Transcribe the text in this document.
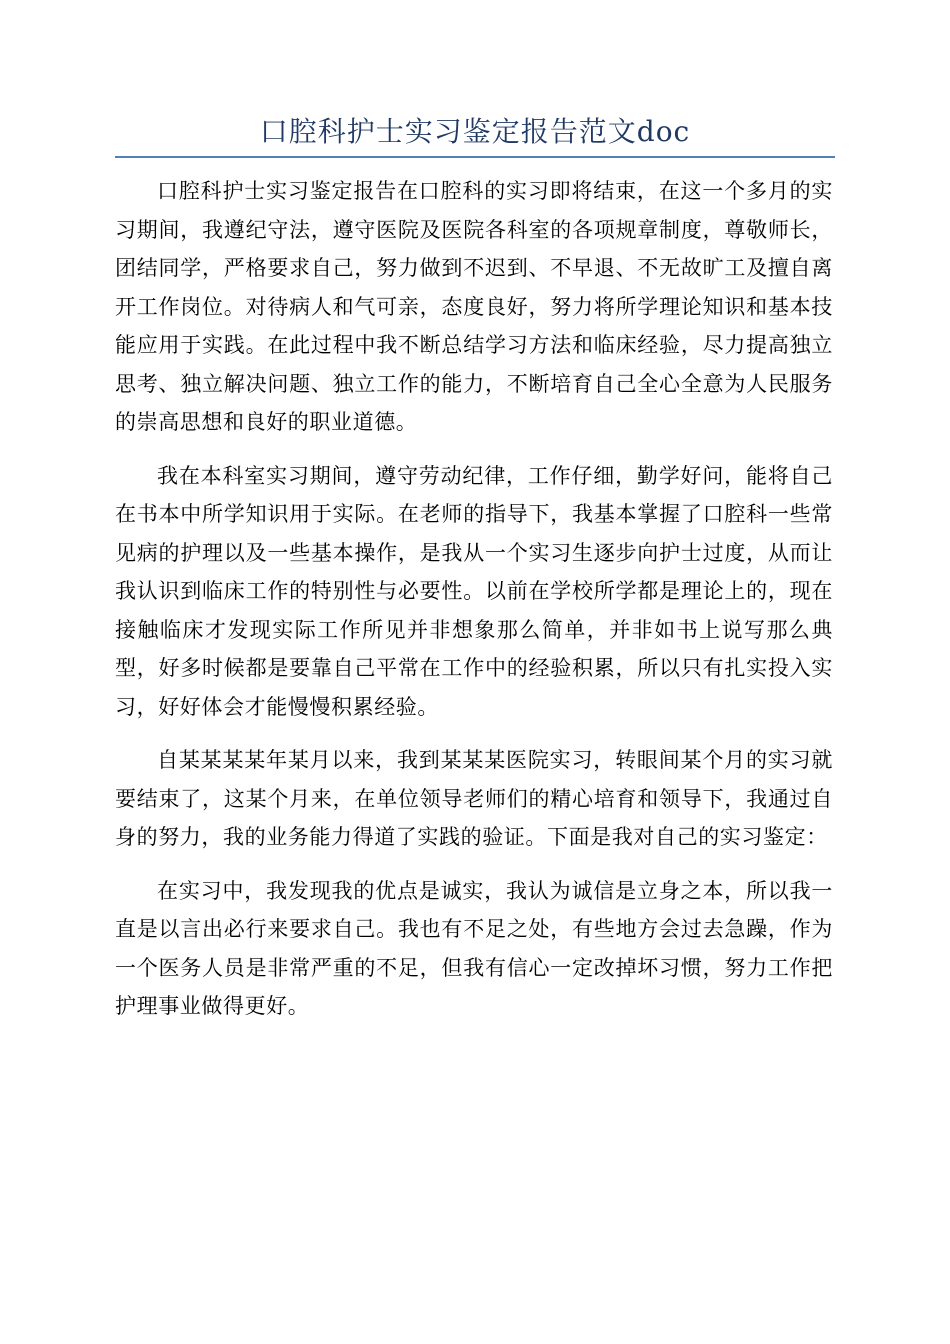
口腔科护士实习鉴定报告范文doc

口腔科护士实习鉴定报告在口腔科的实习即将结束，在这一个多月的实习期间，我遵纪守法，遵守医院及医院各科室的各项规章制度，尊敬师长，团结同学，严格要求自己，努力做到不迟到、不早退、不无故旷工及擅自离开工作岗位。对待病人和气可亲，态度良好，努力将所学理论知识和基本技能应用于实践。在此过程中我不断总结学习方法和临床经验，尽力提高独立思考、独立解决问题、独立工作的能力，不断培育自己全心全意为人民服务的崇高思想和良好的职业道德。

我在本科室实习期间，遵守劳动纪律，工作仔细，勤学好问，能将自己在书本中所学知识用于实际。在老师的指导下，我基本掌握了口腔科一些常见病的护理以及一些基本操作，是我从一个实习生逐步向护士过度，从而让我认识到临床工作的特别性与必要性。以前在学校所学都是理论上的，现在接触临床才发现实际工作所见并非想象那么简单，并非如书上说写那么典型，好多时候都是要靠自己平常在工作中的经验积累，所以只有扎实投入实习，好好体会才能慢慢积累经验。

自某某某某年某月以来，我到某某某医院实习，转眼间某个月的实习就要结束了，这某个月来，在单位领导老师们的精心培育和领导下，我通过自身的努力，我的业务能力得道了实践的验证。下面是我对自己的实习鉴定：

在实习中，我发现我的优点是诚实，我认为诚信是立身之本，所以我一直是以言出必行来要求自己。我也有不足之处，有些地方会过去急躁，作为一个医务人员是非常严重的不足，但我有信心一定改掉坏习惯，努力工作把护理事业做得更好。
